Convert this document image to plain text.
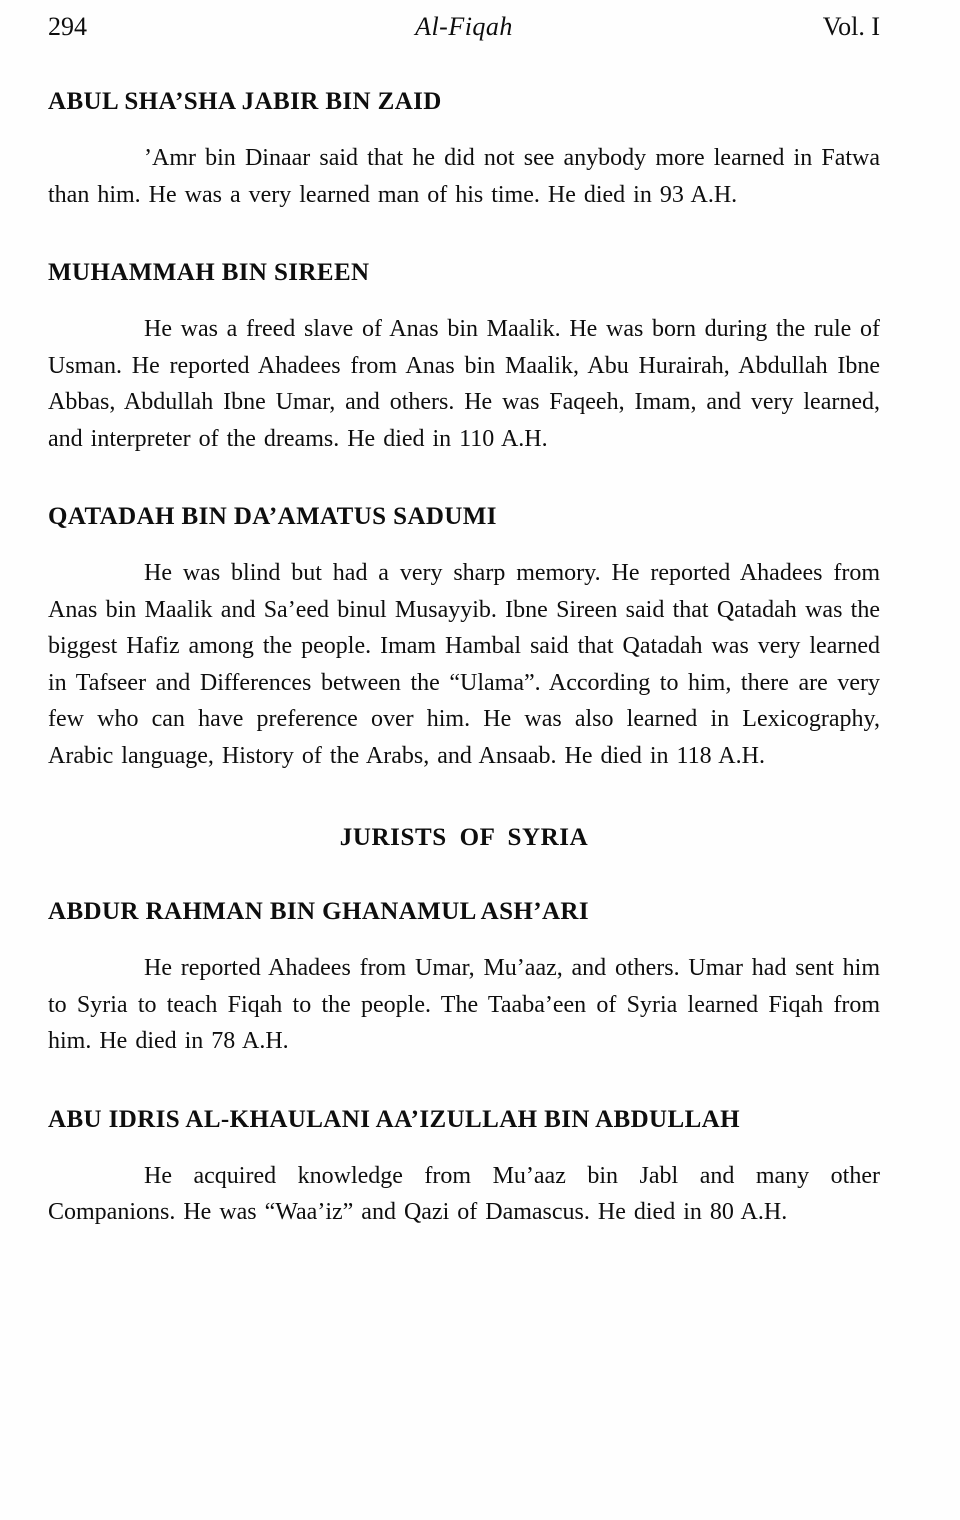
294	Al-Fiqah	Vol. I
ABUL SHA’SHA JABIR BIN ZAID

’Amr bin Dinaar said that he did not see anybody more learned in Fatwa than him. He was a very learned man of his time. He died in 93 A.H.

MUHAMMAH BIN SIREEN

He was a freed slave of Anas bin Maalik. He was born during the rule of Usman. He reported Ahadees from Anas bin Maalik, Abu Hurairah, Abdullah Ibne Abbas, Abdullah Ibne Umar, and others. He was Faqeeh, Imam, and very learned, and interpreter of the dreams. He died in 110 A.H.

QATADAH BIN DA’AMATUS SADUMI

He was blind but had a very sharp memory. He reported Ahadees from Anas bin Maalik and Sa’eed binul Musayyib. Ibne Sireen said that Qatadah was the biggest Hafiz among the people. Imam Hambal said that Qatadah was very learned in Tafseer and Differences between the “Ulama”. According to him, there are very few who can have preference over him. He was also learned in Lexicography, Arabic language, History of the Arabs, and Ansaab. He died in 118 A.H.

JURISTS OF SYRIA
ABDUR RAHMAN BIN GHANAMUL ASH’ARI

He reported Ahadees from Umar, Mu’aaz, and others. Umar had sent him to Syria to teach Fiqah to the people. The Taaba’een of Syria learned Fiqah from him. He died in 78 A.H.

ABU IDRIS AL-KHAULANI AA’IZULLAH BIN ABDULLAH

He acquired knowledge from Mu’aaz bin Jabl and many other Companions. He was “Waa’iz” and Qazi of Damascus. He died in 80 A.H.
